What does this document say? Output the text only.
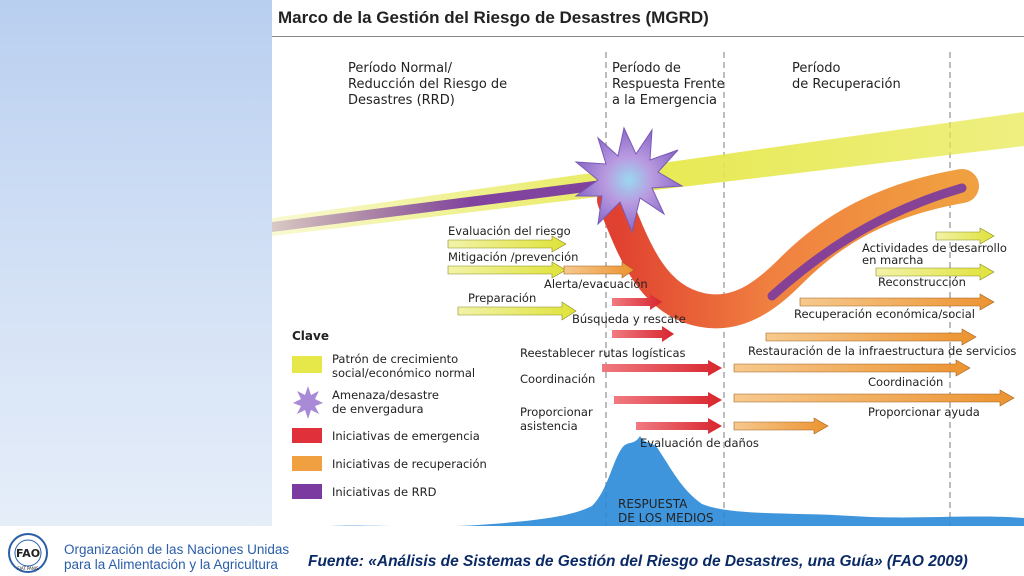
Marco de la Gestión del Riesgo de Desastres (MGRD)
Período Normal/ Reducción del Riesgo de Desastres (RRD)
Período de Respuesta Frente a la Emergencia
Período de Recuperación
RESPUESTA DE LOS MEDIOS
Evaluación del riesgo
Mitigación /prevención
Alerta/evacuación
Preparación
Búsqueda y rescate
Reestablecer rutas logísticas
Coordinación
Proporcionar asistencia
Evaluación de daños
Actividades de desarrollo en marcha
Reconstrucción
Recuperación económica/social
Restauración de la infraestructura de servicios
Coordinación
Proporcionar ayuda
Clave
Patrón de crecimiento social/económico normal
Amenaza/desastre de envergadura
Iniciativas de emergencia
Iniciativas de recuperación
Iniciativas de RRD
FAO
FIAT PANIS
Organización de las Naciones Unidas
para la Alimentación y la Agricultura	Fuente: «Análisis de Sistemas de Gestión del Riesgo de Desastres, una Guía» (FAO 2009)
